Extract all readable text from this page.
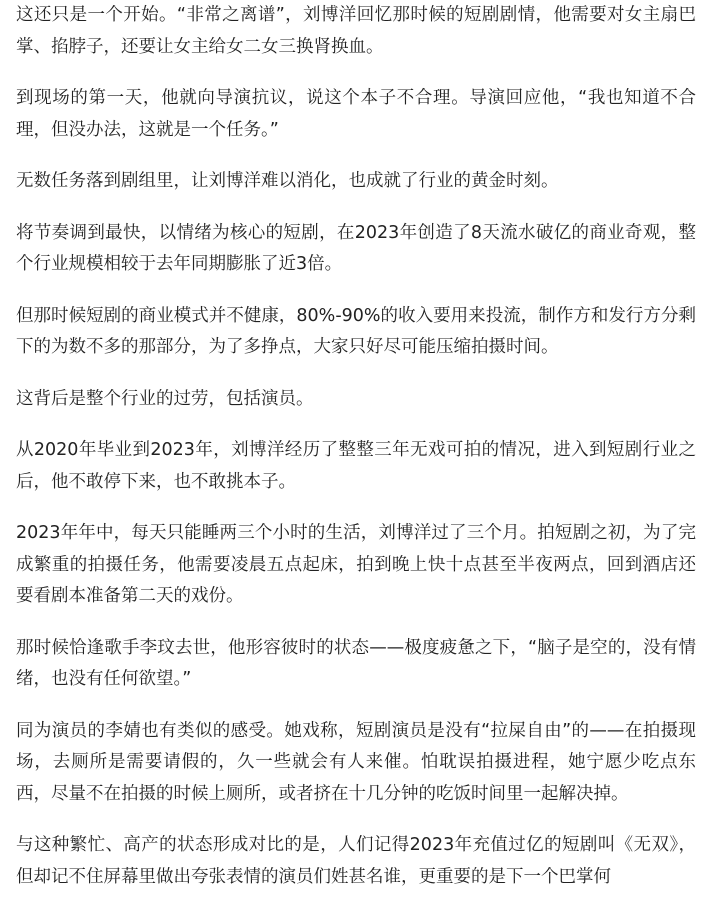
这还只是一个开始。“非常之离谱”，刘博洋回忆那时候的短剧剧情，他需要对女主扇巴掌、掐脖子，还要让女主给女二女三换肾换血。

到现场的第一天，他就向导演抗议，说这个本子不合理。导演回应他，“我也知道不合理，但没办法，这就是一个任务。”

无数任务落到剧组里，让刘博洋难以消化，也成就了行业的黄金时刻。

将节奏调到最快，以情绪为核心的短剧，在2023年创造了8天流水破亿的商业奇观，整个行业规模相较于去年同期膨胀了近3倍。

但那时候短剧的商业模式并不健康，80%-90%的收入要用来投流，制作方和发行方分剩下的为数不多的那部分，为了多挣点，大家只好尽可能压缩拍摄时间。

这背后是整个行业的过劳，包括演员。

从2020年毕业到2023年，刘博洋经历了整整三年无戏可拍的情况，进入到短剧行业之后，他不敢停下来，也不敢挑本子。

2023年年中，每天只能睡两三个小时的生活，刘博洋过了三个月。拍短剧之初，为了完成繁重的拍摄任务，他需要凌晨五点起床，拍到晚上快十点甚至半夜两点，回到酒店还要看剧本准备第二天的戏份。

那时候恰逢歌手李玟去世，他形容彼时的状态——极度疲惫之下，“脑子是空的，没有情绪，也没有任何欲望。”

同为演员的李婧也有类似的感受。她戏称，短剧演员是没有“拉屎自由”的——在拍摄现场，去厕所是需要请假的，久一些就会有人来催。怕耽误拍摄进程，她宁愿少吃点东西，尽量不在拍摄的时候上厕所，或者挤在十几分钟的吃饭时间里一起解决掉。

与这种繁忙、高产的状态形成对比的是，人们记得2023年充值过亿的短剧叫《无双》，但却记不住屏幕里做出夸张表情的演员们姓甚名谁，更重要的是下一个巴掌何
